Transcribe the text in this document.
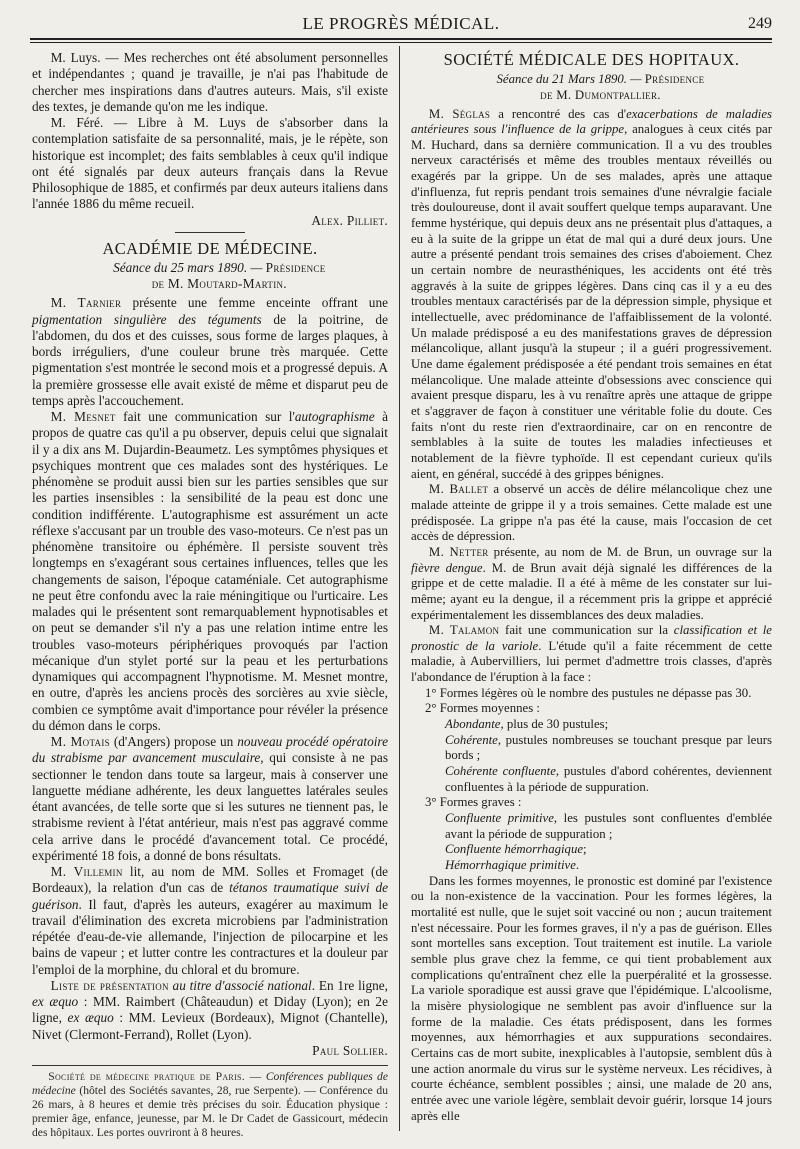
LE PROGRÈS MÉDICAL.	249

M. Luys. — Mes recherches ont été absolument personnelles et indépendantes ; quand je travaille, je n'ai pas l'habitude de chercher mes inspirations dans d'autres auteurs. Mais, s'il existe des textes, je demande qu'on me les indique.

M. Féré. — Libre à M. Luys de s'absorber dans la contemplation satisfaite de sa personnalité, mais, je le répète, son historique est incomplet; des faits semblables à ceux qu'il indique ont été signalés par deux auteurs français dans la Revue Philosophique de 1885, et confirmés par deux auteurs italiens dans l'année 1886 du même recueil.

Alex. Pilliet.

ACADÉMIE DE MÉDECINE.

Séance du 25 mars 1890. — Présidence

de M. Moutard-Martin.

M. Tarnier présente une femme enceinte offrant une pigmentation singulière des téguments de la poitrine, de l'abdomen, du dos et des cuisses, sous forme de larges plaques, à bords irréguliers, d'une couleur brune très marquée. Cette pigmentation s'est montrée le second mois et a progressé depuis. A la première grossesse elle avait existé de même et disparut peu de temps après l'accouchement.

M. Mesnet fait une communication sur l'autographisme à propos de quatre cas qu'il a pu observer, depuis celui que signalait il y a dix ans M. Dujardin-Beaumetz. Les symptômes physiques et psychiques montrent que ces malades sont des hystériques. Le phénomène se produit aussi bien sur les parties sensibles que sur les parties insensibles : la sensibilité de la peau est donc une condition indifférente. L'autographisme est assurément un acte réflexe s'accusant par un trouble des vaso-moteurs. Ce n'est pas un phénomène transitoire ou éphémère. Il persiste souvent très longtemps en s'exagérant sous certaines influences, telles que les changements de saison, l'époque cataméniale. Cet autographisme ne peut être confondu avec la raie méningitique ou l'urticaire. Les malades qui le présentent sont remarquablement hypnotisables et on peut se demander s'il n'y a pas une relation intime entre les troubles vaso-moteurs périphériques provoqués par l'action mécanique d'un stylet porté sur la peau et les perturbations dynamiques qui accompagnent l'hypnotisme. M. Mesnet montre, en outre, d'après les anciens procès des sorcières au xvie siècle, combien ce symptôme avait d'importance pour révéler la présence du démon dans le corps.

M. Motais (d'Angers) propose un nouveau procédé opératoire du strabisme par avancement musculaire, qui consiste à ne pas sectionner le tendon dans toute sa largeur, mais à conserver une languette médiane adhérente, les deux languettes latérales seules étant avancées, de telle sorte que si les sutures ne tiennent pas, le strabisme revient à l'état antérieur, mais n'est pas aggravé comme cela arrive dans le procédé d'avancement total. Ce procédé, expérimenté 18 fois, a donné de bons résultats.

M. Villemin lit, au nom de MM. Solles et Fromaget (de Bordeaux), la relation d'un cas de tétanos traumatique suivi de guérison. Il faut, d'après les auteurs, exagérer au maximum le travail d'élimination des excreta microbiens par l'administration répétée d'eau-de-vie allemande, l'injection de pilocarpine et les bains de vapeur ; et lutter contre les contractures et la douleur par l'emploi de la morphine, du chloral et du bromure.

Liste de présentation au titre d'associé national. En 1re ligne, ex æquo : MM. Raimbert (Châteaudun) et Diday (Lyon); en 2e ligne, ex æquo : MM. Levieux (Bordeaux), Mignot (Chantelle), Nivet (Clermont-Ferrand), Rollet (Lyon).

Paul Sollier.

Société de médecine pratique de Paris. — Conférences publiques de médecine (hôtel des Sociétés savantes, 28, rue Serpente). — Conférence du 26 mars, à 8 heures et demie très précises du soir. Éducation physique : premier âge, enfance, jeunesse, par M. le Dr Cadet de Gassicourt, médecin des hôpitaux. Les portes ouvriront à 8 heures.

SOCIÉTÉ MÉDICALE DES HOPITAUX.

Séance du 21 Mars 1890. — Présidence

de M. Dumontpallier.

M. Séglas a rencontré des cas d'exacerbations de maladies antérieures sous l'influence de la grippe, analogues à ceux cités par M. Huchard, dans sa dernière communication. Il a vu des troubles nerveux caractérisés et même des troubles mentaux réveillés ou exagérés par la grippe. Un de ses malades, après une attaque d'influenza, fut repris pendant trois semaines d'une névralgie faciale très douloureuse, dont il avait souffert quelque temps auparavant. Une femme hystérique, qui depuis deux ans ne présentait plus d'attaques, a eu à la suite de la grippe un état de mal qui a duré deux jours. Une autre a présenté pendant trois semaines des crises d'aboiement. Chez un certain nombre de neurasthéniques, les accidents ont été très aggravés à la suite de grippes légères. Dans cinq cas il y a eu des troubles mentaux caractérisés par de la dépression simple, physique et intellectuelle, avec prédominance de l'affaiblissement de la volonté. Un malade prédisposé a eu des manifestations graves de dépression mélancolique, allant jusqu'à la stupeur ; il a guéri progressivement. Une dame également prédisposée a été pendant trois semaines en état mélancolique. Une malade atteinte d'obsessions avec conscience qui avaient presque disparu, les à vu renaître après une attaque de grippe et s'aggraver de façon à constituer une véritable folie du doute. Ces faits n'ont du reste rien d'extraordinaire, car on en rencontre de semblables à la suite de toutes les maladies infectieuses et notablement de la fièvre typhoïde. Il est cependant curieux qu'ils aient, en général, succédé à des grippes bénignes.

M. Ballet a observé un accès de délire mélancolique chez une malade atteinte de grippe il y a trois semaines. Cette malade est une prédisposée. La grippe n'a pas été la cause, mais l'occasion de cet accès de dépression.

M. Netter présente, au nom de M. de Brun, un ouvrage sur la fièvre dengue. M. de Brun avait déjà signalé les différences de la grippe et de cette maladie. Il a été à même de les constater sur lui-même; ayant eu la dengue, il a récemment pris la grippe et apprécié expérimentalement les dissemblances des deux maladies.

M. Talamon fait une communication sur la classification et le pronostic de la variole. L'étude qu'il a faite récemment de cette maladie, à Aubervilliers, lui permet d'admettre trois classes, d'après l'abondance de l'éruption à la face :

1° Formes légères où le nombre des pustules ne dépasse pas 30.

2° Formes moyennes :

Abondante, plus de 30 pustules;

Cohérente, pustules nombreuses se touchant presque par leurs bords ;

Cohérente confluente, pustules d'abord cohérentes, deviennent confluentes à la période de suppuration.

3° Formes graves :

Confluente primitive, les pustules sont confluentes d'emblée avant la période de suppuration ;

Confluente hémorrhagique;

Hémorrhagique primitive.

Dans les formes moyennes, le pronostic est dominé par l'existence ou la non-existence de la vaccination. Pour les formes légères, la mortalité est nulle, que le sujet soit vacciné ou non ; aucun traitement n'est nécessaire. Pour les formes graves, il n'y a pas de guérison. Elles sont mortelles sans exception. Tout traitement est inutile. La variole semble plus grave chez la femme, ce qui tient probablement aux complications qu'entraînent chez elle la puerpéralité et la grossesse. La variole sporadique est aussi grave que l'épidémique. L'alcoolisme, la misère physiologique ne semblent pas avoir d'influence sur la forme de la maladie. Ces états prédisposent, dans les formes moyennes, aux hémorrhagies et aux suppurations secondaires. Certains cas de mort subite, inexplicables à l'autopsie, semblent dûs à une action anormale du virus sur le système nerveux. Les récidives, à courte échéance, semblent possibles ; ainsi, une malade de 20 ans, entrée avec une variole légère, semblait devoir guérir, lorsque 14 jours après elle
